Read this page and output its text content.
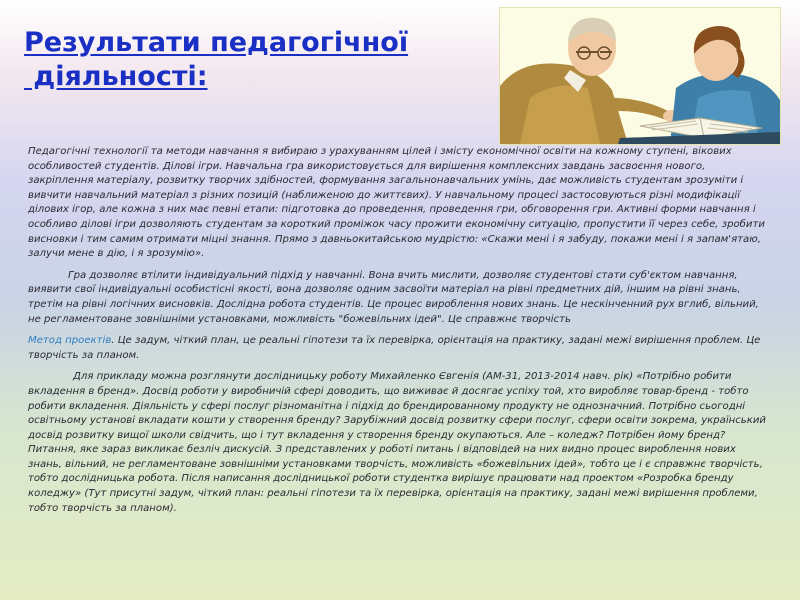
Результати педагогічної
діяльності:

Педагогічні технології та методи навчання я вибираю з урахуванням цілей і змісту економічної освіти на кожному ступені, вікових особливостей студентів. Ділові ігри. Навчальна гра використовується для вирішення комплексних завдань засвоєння нового, закріплення матеріалу, розвитку творчих здібностей, формування загальнонавчальних умінь, дає можливість студентам зрозуміти і вивчити навчальний матеріал з різних позицій (наближеною до життєвих). У навчальному процесі застосовуються різні модифікації ділових ігор, але кожна з них має певні етапи: підготовка до проведення, проведення гри, обговорення гри. Активні форми навчання і особливо ділові ігри дозволяють студентам за короткий проміжок часу прожити економічну ситуацію, пропустити її через себе, зробити висновки і тим самим отримати міцні знання. Прямо з давньокитайською мудрістю: «Скажи мені і я забуду, покажи мені і я запам'ятаю, залучи мене в дію, і я зрозумію».

Гра дозволяє втілити індивідуальний підхід у навчанні. Вона вчить мислити, дозволяє студентові стати суб'єктом навчання, виявити свої індивідуальні особистісні якості, вона дозволяє одним засвоїти матеріал на рівні предметних дій, іншим на рівні знань, третім на рівні логічних висновків. Дослідна робота студентів. Це процес вироблення нових знань. Це нескінченний рух вглиб, вільний, не регламентоване зовнішніми установками, можливість "божевільних ідей". Це справжнє творчість

Метод проектів. Це задум, чіткий план, це реальні гіпотези та їх перевірка, орієнтація на практику, задані межі вирішення проблем. Це творчість за планом.

Для прикладу можна розглянути дослідницьку роботу Михайленко Євгенія (АМ-31, 2013-2014 навч. рік) «Потрібно робити вкладення в бренд». Досвід роботи у виробничій сфері доводить, що виживає й досягає успіху той, хто виробляє товар-бренд - тобто робити вкладення. Діяльність у сфері послуг різноманітна і підхід до брендированному продукту не однозначний. Потрібно сьогодні освітньому установі вкладати кошти у створення бренду? Зарубіжний досвід розвитку сфери послуг, сфери освіти зокрема, український досвід розвитку вищої школи свідчить, що і тут вкладення у створення бренду окупаються. Але – коледж? Потрібен йому бренд? Питання, яке зараз викликає безліч дискусій. З представлених у роботі питань і відповідей на них видно процес вироблення нових знань, вільний, не регламентоване зовнішніми установками творчість, можливість «божевільних ідей», тобто це і є справжнє творчість, тобто дослідницька робота. Після написання дослідницької роботи студентка вирішує працювати над проектом «Розробка бренду коледжу» (Тут присутні задум, чіткий план: реальні гіпотези та їх перевірка, орієнтація на практику, задані межі вирішення проблеми, тобто творчість за планом).
